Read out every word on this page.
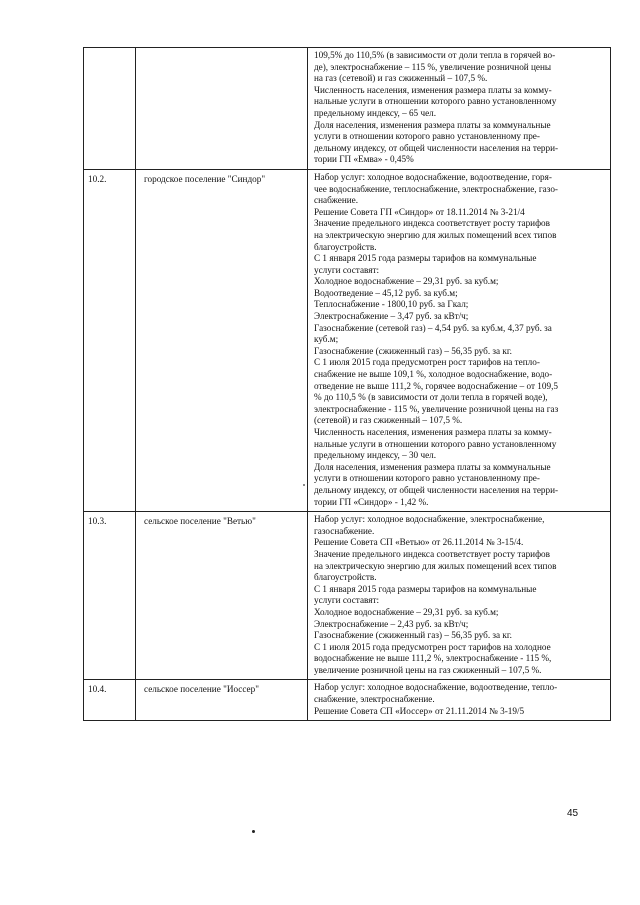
109,5% до 110,5% (в зависимости от доли тепла в горячей во-
де), электроснабжение – 115 %, увеличение розничной цены
на газ (сетевой) и газ сжиженный – 107,5 %.
Численность населения, изменения размера платы за комму-
нальные услуги в отношении которого равно установленному
предельному индексу, – 65 чел.
Доля населения, изменения размера платы за коммунальные
услуги в отношении которого равно установленному пре-
дельному индексу, от общей численности населения на терри-
тории ГП «Емва» - 0,45%
10.2.	городское поселение "Синдор"	Набор услуг: холодное водоснабжение, водоотведение, горя-
чее водоснабжение, теплоснабжение, электроснабжение, газо-
снабжение.
Решение Совета ГП «Синдор» от 18.11.2014 № 3-21/4
Значение предельного индекса соответствует росту тарифов
на электрическую энергию для жилых помещений всех типов
благоустройств.
С 1 января 2015 года размеры тарифов на коммунальные
услуги составят:
Холодное водоснабжение – 29,31 руб. за куб.м;
Водоотведение – 45,12 руб. за куб.м;
Теплоснабжение - 1800,10 руб. за Гкал;
Электроснабжение – 3,47 руб. за кВт/ч;
Газоснабжение (сетевой газ) – 4,54 руб. за куб.м, 4,37 руб. за
куб.м;
Газоснабжение (сжиженный газ) – 56,35 руб. за кг.
С 1 июля 2015 года предусмотрен рост тарифов на тепло-
снабжение не выше 109,1 %, холодное водоснабжение, водо-
отведение не выше 111,2 %, горячее водоснабжение – от 109,5
% до 110,5 % (в зависимости от доли тепла в горячей воде),
электроснабжение - 115 %, увеличение розничной цены на газ
(сетевой) и газ сжиженный – 107,5 %.
Численность населения, изменения размера платы за комму-
нальные услуги в отношении которого равно установленному
предельному индексу, – 30 чел.
Доля населения, изменения размера платы за коммунальные
услуги в отношении которого равно установленному пре-
дельному индексу, от общей численности населения на терри-
тории ГП «Синдор» - 1,42 %.
10.3.	сельское поселение "Ветью"	Набор услуг: холодное водоснабжение, электроснабжение,
газоснабжение.
Решение Совета СП «Ветью» от 26.11.2014 № 3-15/4.
Значение предельного индекса соответствует росту тарифов
на электрическую энергию для жилых помещений всех типов
благоустройств.
С 1 января 2015 года размеры тарифов на коммунальные
услуги составят:
Холодное водоснабжение – 29,31 руб. за куб.м;
Электроснабжение – 2,43 руб. за кВт/ч;
Газоснабжение (сжиженный газ) – 56,35 руб. за кг.
С 1 июля 2015 года предусмотрен рост тарифов на холодное
водоснабжение не выше 111,2 %, электроснабжение - 115 %,
увеличение розничной цены на газ сжиженный – 107,5 %.
10.4.	сельское поселение "Иоссер"	Набор услуг: холодное водоснабжение, водоотведение, тепло-
снабжение, электроснабжение.
Решение Совета СП «Иоссер» от 21.11.2014 № 3-19/5
45
